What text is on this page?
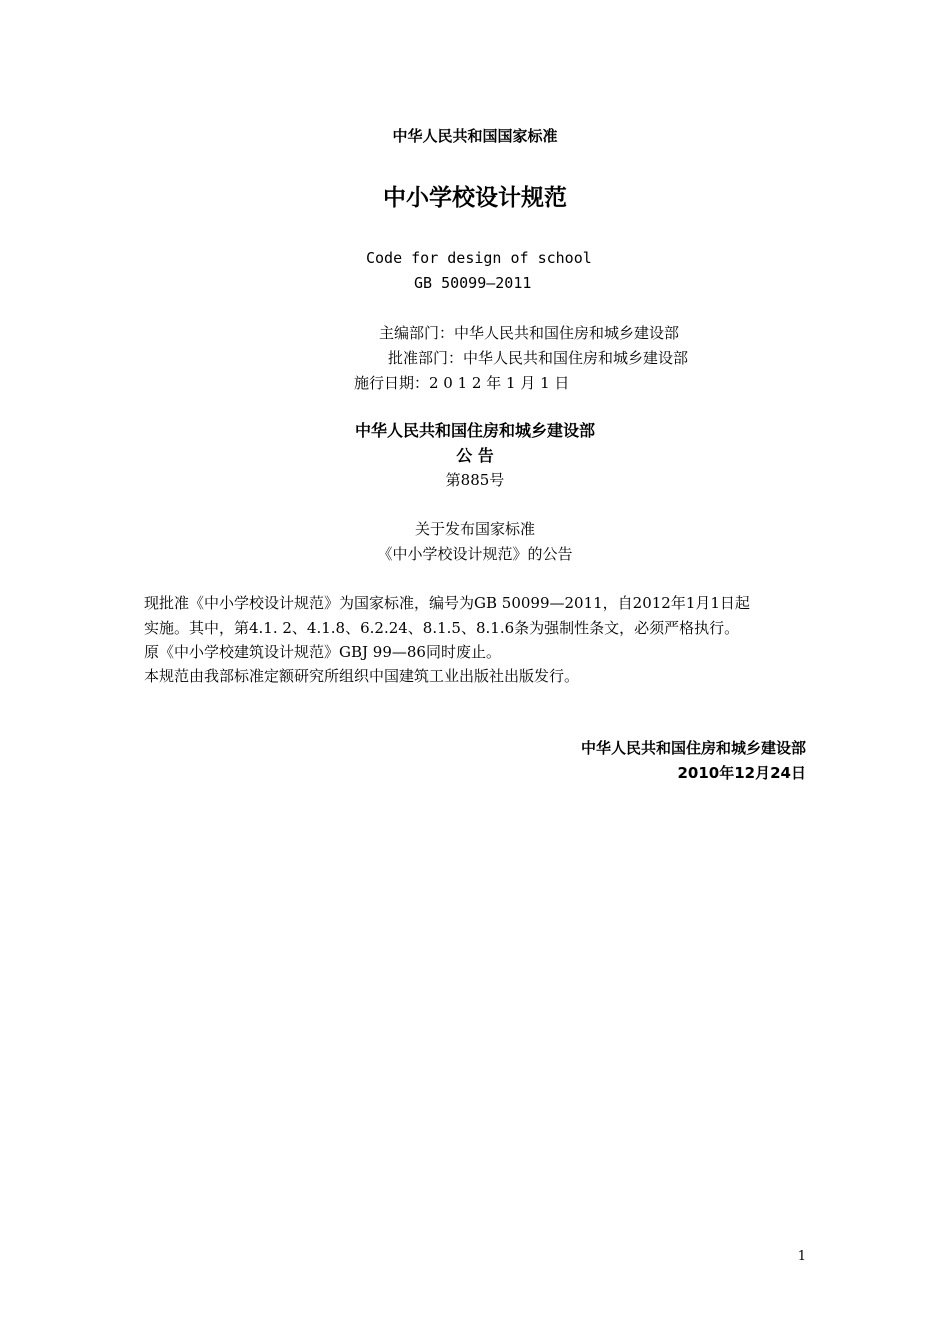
中华人民共和国国家标准
中小学校设计规范
Code for design of school
GB 50099—2011
主编部门：中华人民共和国住房和城乡建设部
批准部门：中华人民共和国住房和城乡建设部
施行日期：2 0 1 2 年 1 月 1 日
中华人民共和国住房和城乡建设部
公 告
第885号
关于发布国家标准
《中小学校设计规范》的公告
现批准《中小学校设计规范》为国家标准，编号为GB 50099—2011，自2012年1月1日起
实施。其中，第4.1. 2、4.1.8、6.2.24、8.1.5、8.1.6条为强制性条文，必须严格执行。
原《中小学校建筑设计规范》GBJ 99—86同时废止。
本规范由我部标准定额研究所组织中国建筑工业出版社出版发行。
中华人民共和国住房和城乡建设部
2010年12月24日
1
